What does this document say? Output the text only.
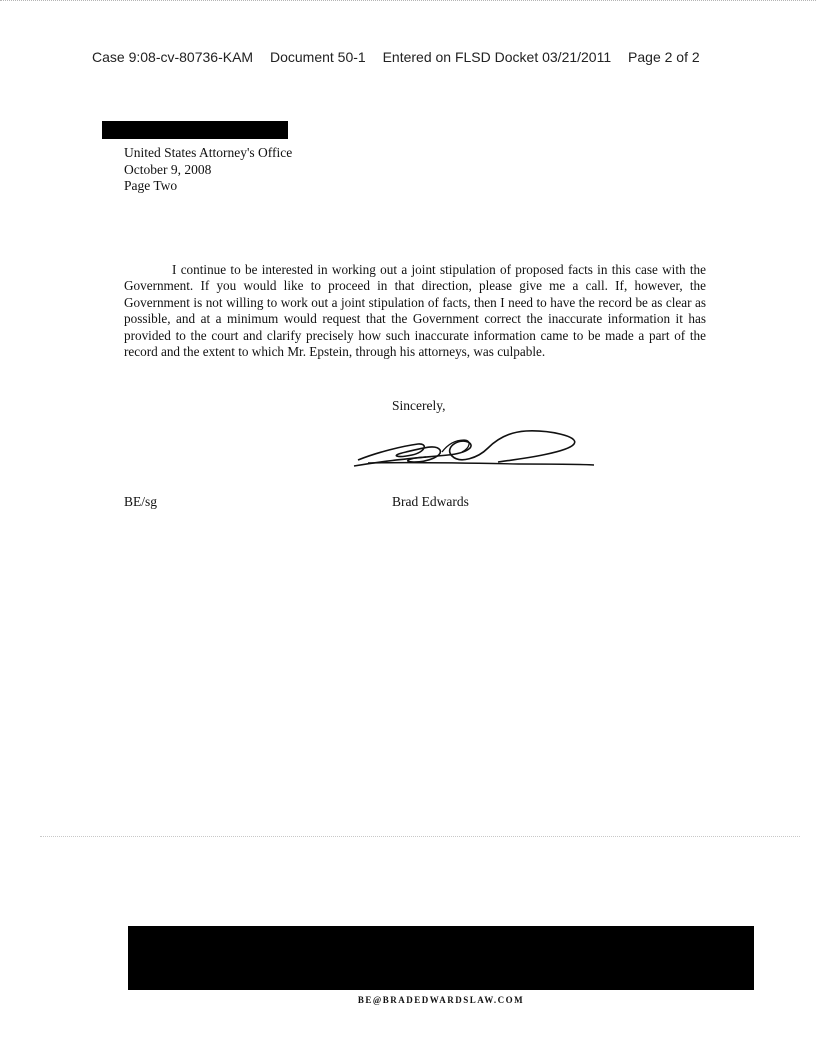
Case 9:08-cv-80736-KAM Document 50-1 Entered on FLSD Docket 03/21/2011 Page 2 of 2
United States Attorney's Office
October 9, 2008
Page Two

I continue to be interested in working out a joint stipulation of proposed facts in this case with the Government. If you would like to proceed in that direction, please give me a call. If, however, the Government is not willing to work out a joint stipulation of facts, then I need to have the record be as clear as possible, and at a minimum would request that the Government correct the inaccurate information it has provided to the court and clarify precisely how such inaccurate information came to be made a part of the record and the extent to which Mr. Epstein, through his attorneys, was culpable.

Sincerely,
BE/sg	Brad Edwards
BE@BRADEDWARDSLAW.COM
